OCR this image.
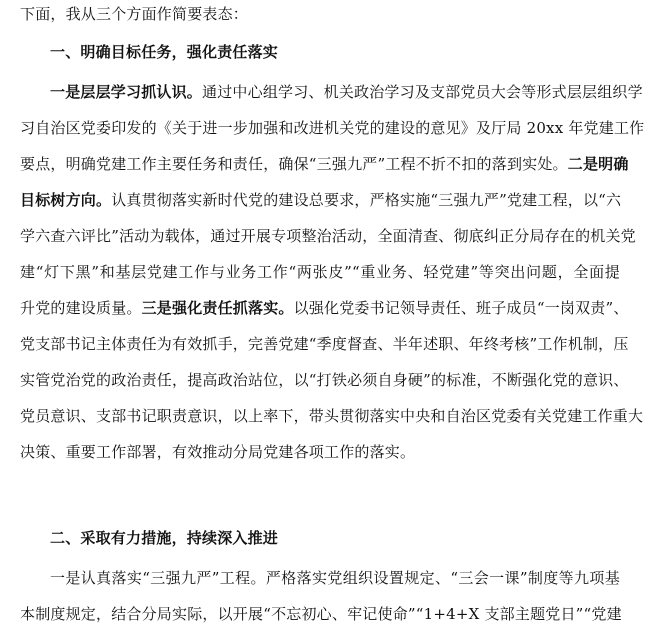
下面，我从三个方面作简要表态：
一、明确目标任务，强化责任落实
一是层层学习抓认识。通过中心组学习、机关政治学习及支部党员大会等形式层层组织学
习自治区党委印发的《关于进一步加强和改进机关党的建设的意见》及厅局 20xx 年党建工作
要点，明确党建工作主要任务和责任，确保“三强九严”工程不折不扣的落到实处。二是明确
目标树方向。认真贯彻落实新时代党的建设总要求，严格实施“三强九严”党建工程，以“六
学六查六评比”活动为载体，通过开展专项整治活动，全面清查、彻底纠正分局存在的机关党
建“灯下黑”和基层党建工作与业务工作“两张皮”“重业务、轻党建”等突出问题，全面提
升党的建设质量。三是强化责任抓落实。以强化党委书记领导责任、班子成员“一岗双责”、
党支部书记主体责任为有效抓手，完善党建“季度督查、半年述职、年终考核”工作机制，压
实管党治党的政治责任，提高政治站位，以“打铁必须自身硬”的标准，不断强化党的意识、
党员意识、支部书记职责意识，以上率下，带头贯彻落实中央和自治区党委有关党建工作重大
决策、重要工作部署，有效推动分局党建各项工作的落实。
二、采取有力措施，持续深入推进
一是认真落实“三强九严”工程。严格落实党组织设置规定、“三会一课”制度等九项基
本制度规定，结合分局实际，以开展“不忘初心、牢记使命”“1+4+X 支部主题党日”“党建
